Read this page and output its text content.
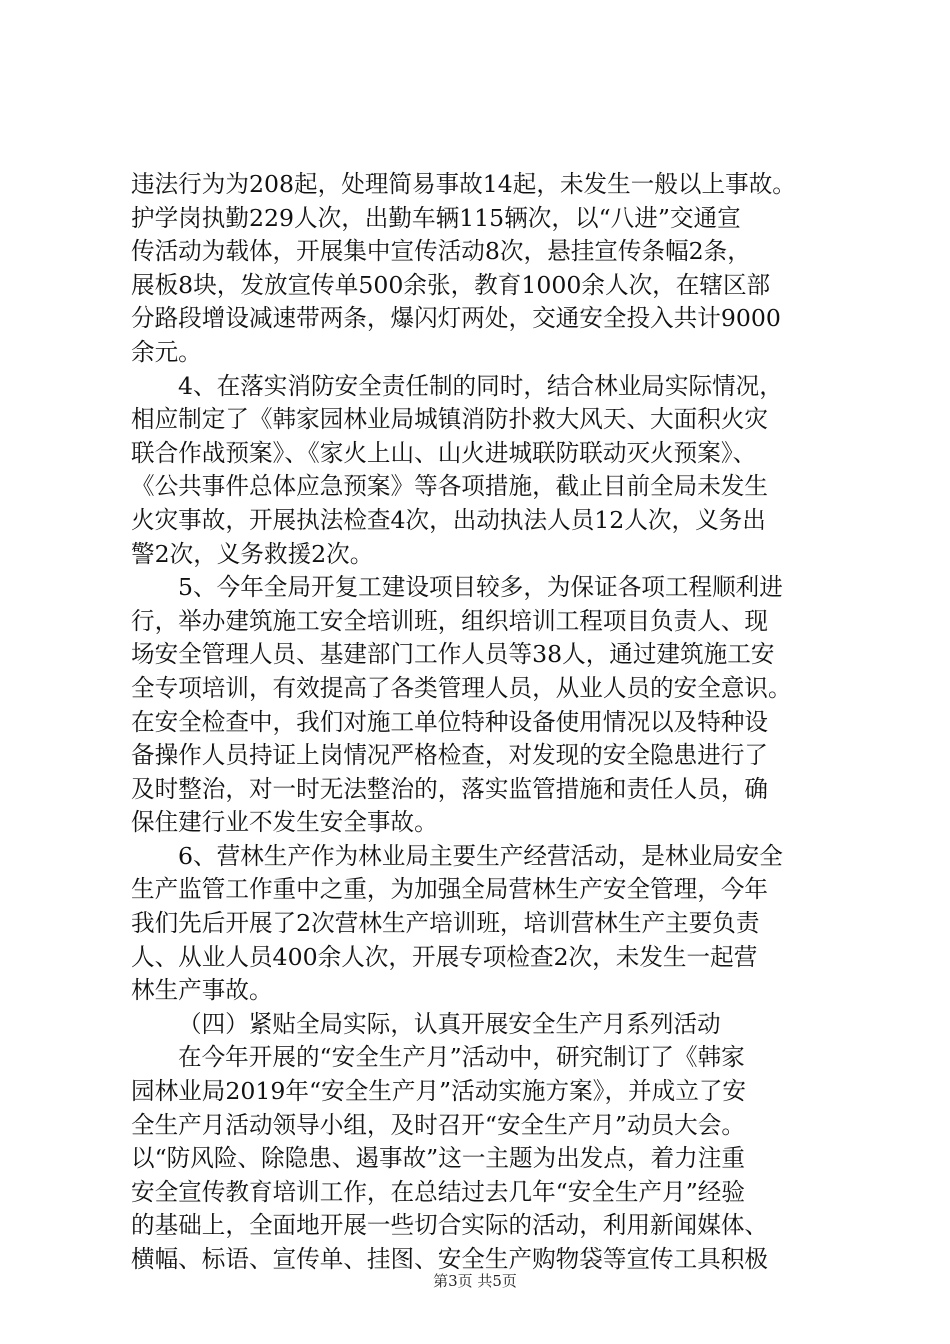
违法行为为208起，处理简易事故14起，未发生一般以上事故。
护学岗执勤229人次，出勤车辆115辆次，以“八进”交通宣
传活动为载体，开展集中宣传活动8次，悬挂宣传条幅2条，
展板8块，发放宣传单500余张，教育1000余人次，在辖区部
分路段增设减速带两条，爆闪灯两处，交通安全投入共计9000
余元。
4、在落实消防安全责任制的同时，结合林业局实际情况，
相应制定了《韩家园林业局城镇消防扑救大风天、大面积火灾
联合作战预案》、《家火上山、山火进城联防联动灭火预案》、
《公共事件总体应急预案》等各项措施，截止目前全局未发生
火灾事故，开展执法检查4次，出动执法人员12人次，义务出
警2次，义务救援2次。
5、今年全局开复工建设项目较多，为保证各项工程顺利进
行，举办建筑施工安全培训班，组织培训工程项目负责人、现
场安全管理人员、基建部门工作人员等38人，通过建筑施工安
全专项培训，有效提高了各类管理人员，从业人员的安全意识。
在安全检查中，我们对施工单位特种设备使用情况以及特种设
备操作人员持证上岗情况严格检查，对发现的安全隐患进行了
及时整治，对一时无法整治的，落实监管措施和责任人员，确
保住建行业不发生安全事故。
6、营林生产作为林业局主要生产经营活动，是林业局安全
生产监管工作重中之重，为加强全局营林生产安全管理，今年
我们先后开展了2次营林生产培训班，培训营林生产主要负责
人、从业人员400余人次，开展专项检查2次，未发生一起营
林生产事故。
（四）紧贴全局实际，认真开展安全生产月系列活动
在今年开展的“安全生产月”活动中，研究制订了《韩家
园林业局2019年“安全生产月”活动实施方案》，并成立了安
全生产月活动领导小组，及时召开“安全生产月”动员大会。
以“防风险、除隐患、遏事故”这一主题为出发点，着力注重
安全宣传教育培训工作，在总结过去几年“安全生产月”经验
的基础上，全面地开展一些切合实际的活动，利用新闻媒体、
横幅、标语、宣传单、挂图、安全生产购物袋等宣传工具积极
第3页 共5页
